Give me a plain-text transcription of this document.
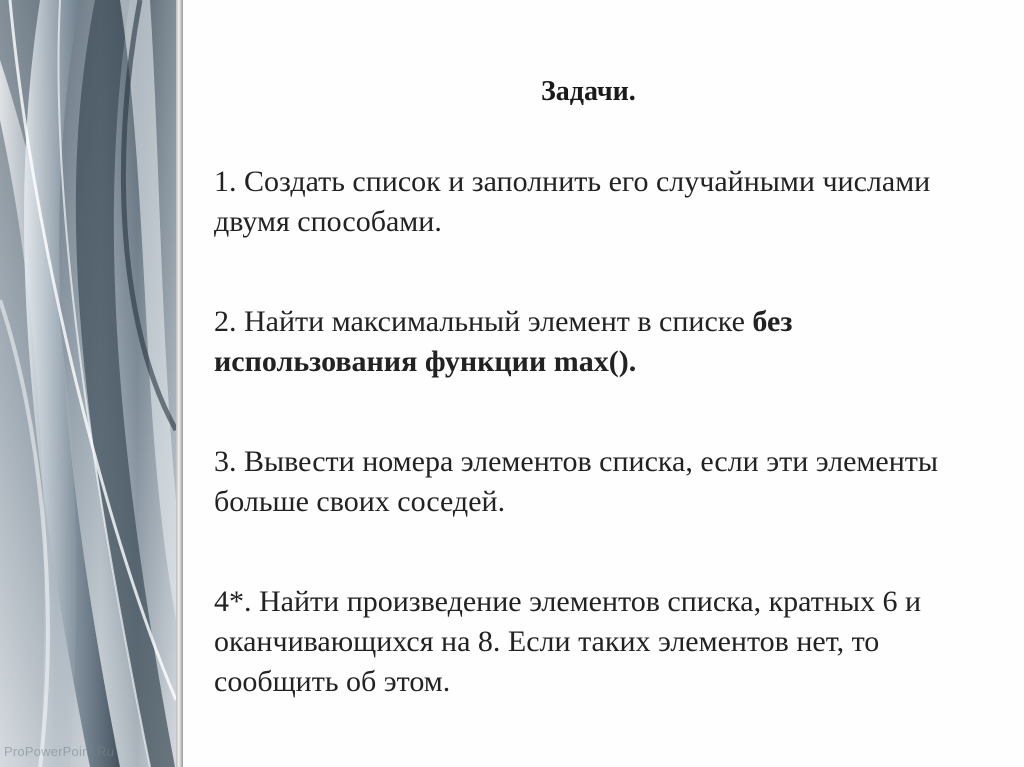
ProPowerPoint.Ru
Задачи.
1. Создать список и заполнить его случайными числами двумя способами.
2. Найти максимальный элемент в списке без использования функции max().
3. Вывести номера элементов списка, если эти элементы больше своих соседей.
4*. Найти произведение элементов списка, кратных 6 и оканчивающихся на 8. Если таких элементов нет, то сообщить об этом.
